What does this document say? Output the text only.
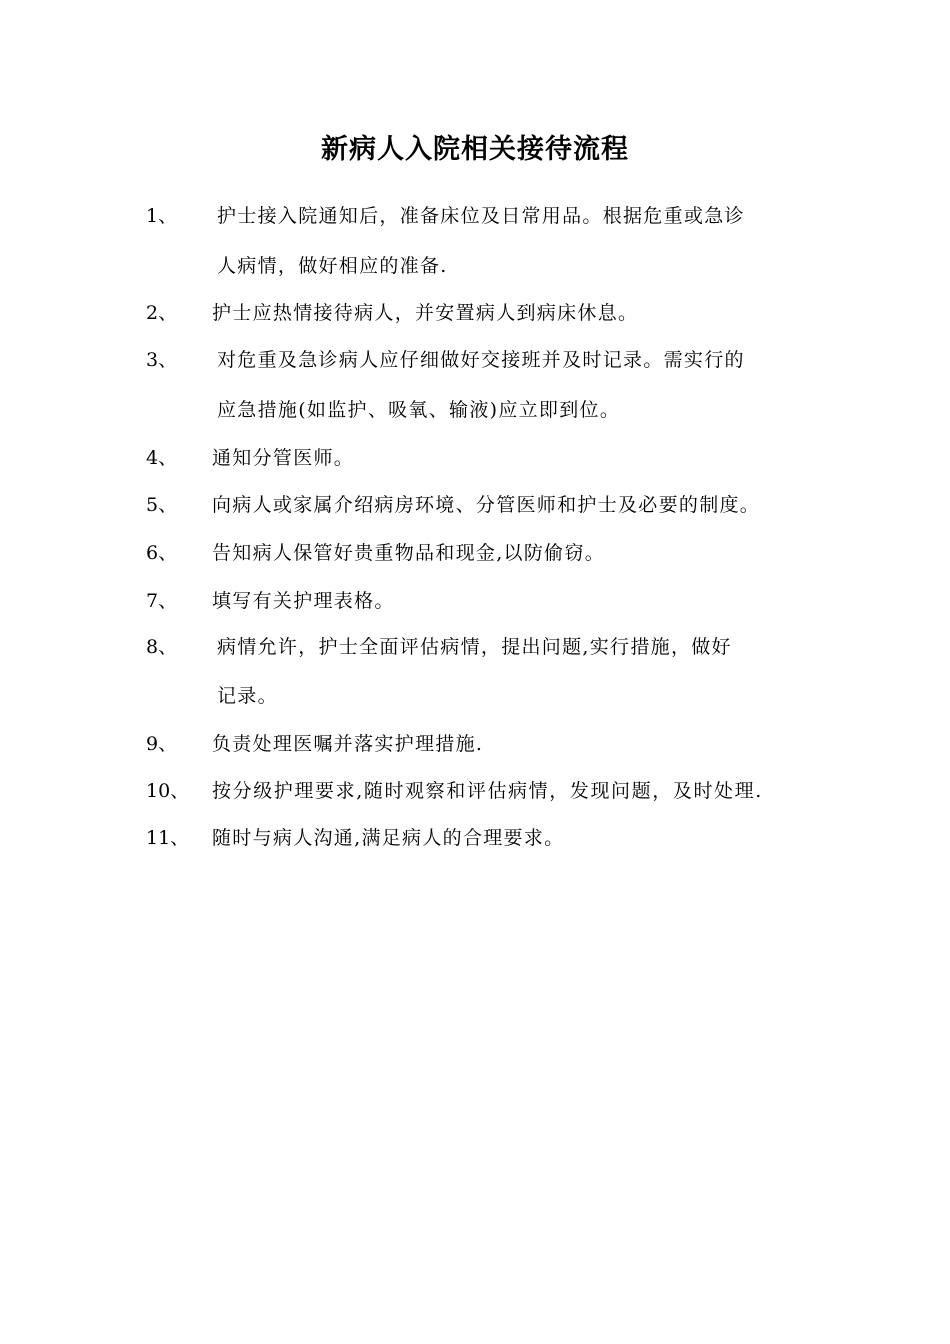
新病人入院相关接待流程
1、	护士接入院通知后，准备床位及日常用品。根据危重或急诊
人病情，做好相应的准备.
2、	护士应热情接待病人，并安置病人到病床休息。
3、	对危重及急诊病人应仔细做好交接班并及时记录。需实行的
应急措施(如监护、吸氧、输液)应立即到位。
4、	通知分管医师。
5、	向病人或家属介绍病房环境、分管医师和护士及必要的制度。
6、	告知病人保管好贵重物品和现金,以防偷窃。
7、	填写有关护理表格。
8、	病情允许，护士全面评估病情，提出问题,实行措施，做好
记录。
9、	负责处理医嘱并落实护理措施.
10、	按分级护理要求,随时观察和评估病情，发现问题，及时处理.
11、	随时与病人沟通,满足病人的合理要求。
